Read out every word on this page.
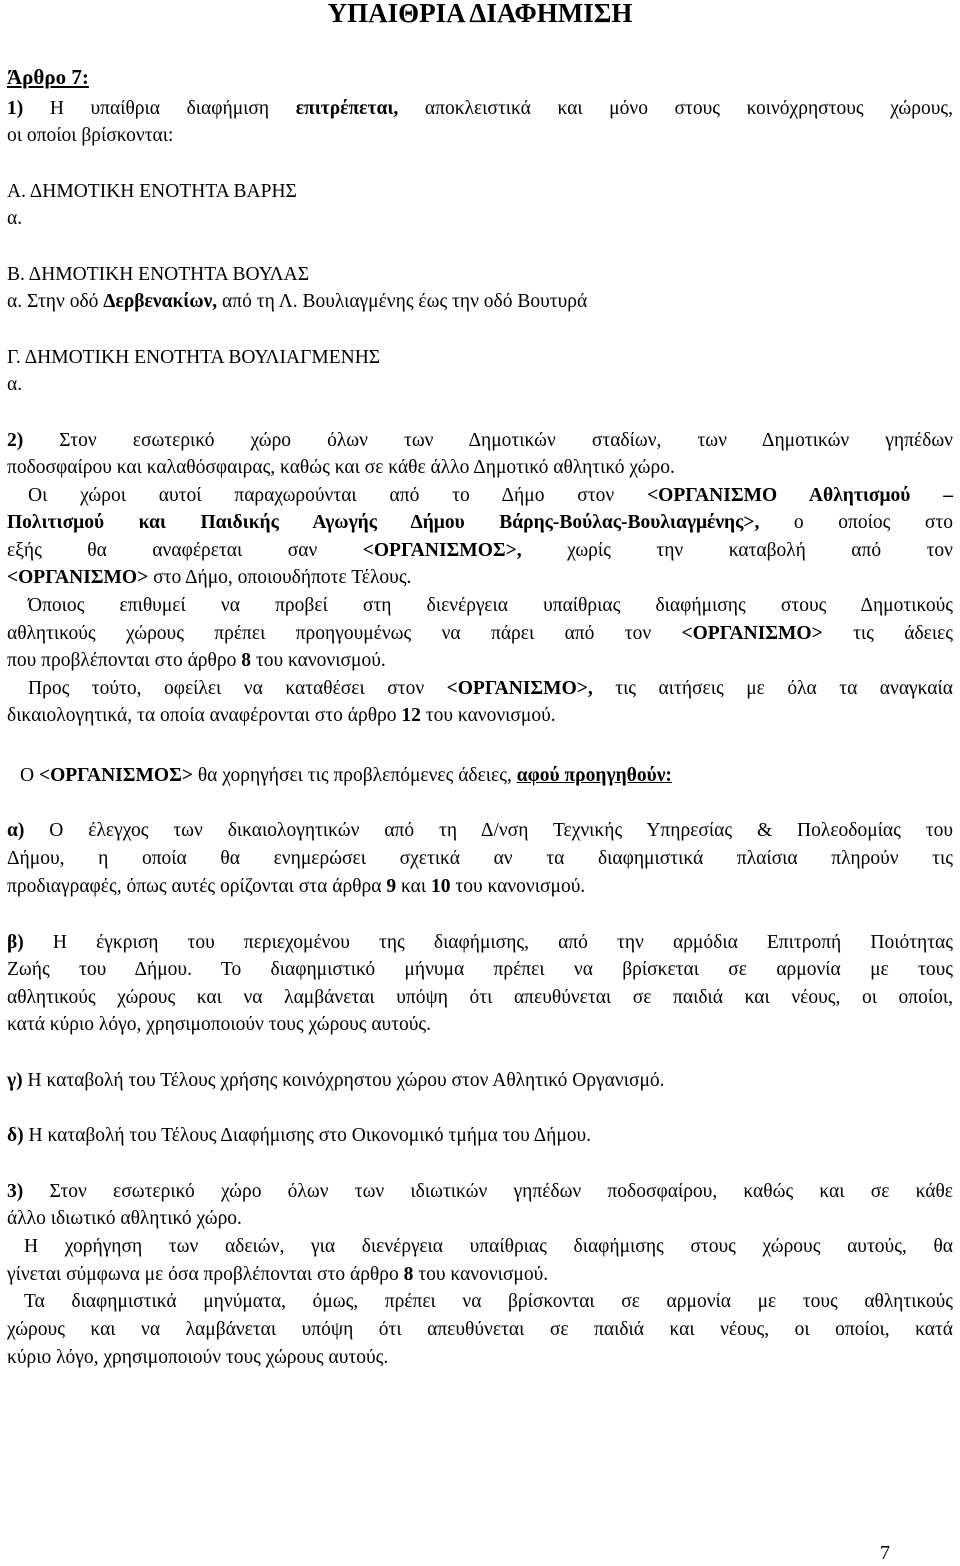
ΥΠΑΙΘΡΙΑ ΔΙΑΦΗΜΙΣΗ
Άρθρο 7:
1) Η υπαίθρια διαφήμιση επιτρέπεται, αποκλειστικά και μόνο στους κοινόχρηστους χώρους,
οι οποίοι βρίσκονται:
Α. ΔΗΜΟΤΙΚΗ ΕΝΟΤΗΤΑ ΒΑΡΗΣ
α.
Β. ΔΗΜΟΤΙΚΗ ΕΝΟΤΗΤΑ ΒΟΥΛΑΣ
α. Στην οδό Δερβενακίων, από τη Λ. Βουλιαγμένης έως την οδό Βουτυρά
Γ. ΔΗΜΟΤΙΚΗ ΕΝΟΤΗΤΑ ΒΟΥΛΙΑΓΜΕΝΗΣ
α.
2) Στον εσωτερικό χώρο όλων των Δημοτικών σταδίων, των Δημοτικών γηπέδων
ποδοσφαίρου και καλαθόσφαιρας, καθώς και σε κάθε άλλο Δημοτικό αθλητικό χώρο.
Οι χώροι αυτοί παραχωρούνται από το Δήμο στον <ΟΡΓΑΝΙΣΜΟ Αθλητισμού –
Πολιτισμού και Παιδικής Αγωγής Δήμου Βάρης-Βούλας-Βουλιαγμένης>, ο οποίος στο
εξής θα αναφέρεται σαν <ΟΡΓΑΝΙΣΜΟΣ>, χωρίς την καταβολή από τον
<ΟΡΓΑΝΙΣΜΟ> στο Δήμο, οποιουδήποτε Τέλους.
Όποιος επιθυμεί να προβεί στη διενέργεια υπαίθριας διαφήμισης στους Δημοτικούς
αθλητικούς χώρους πρέπει προηγουμένως να πάρει από τον <ΟΡΓΑΝΙΣΜΟ> τις άδειες
που προβλέπονται στο άρθρο 8 του κανονισμού.
Προς τούτο, οφείλει να καταθέσει στον <ΟΡΓΑΝΙΣΜΟ>, τις αιτήσεις με όλα τα αναγκαία
δικαιολογητικά, τα οποία αναφέρονται στο άρθρο 12 του κανονισμού.
Ο <ΟΡΓΑΝΙΣΜΟΣ> θα χορηγήσει τις προβλεπόμενες άδειες, αφού προηγηθούν:
α) Ο έλεγχος των δικαιολογητικών από τη Δ/νση Τεχνικής Υπηρεσίας & Πολεοδομίας του
Δήμου, η οποία θα ενημερώσει σχετικά αν τα διαφημιστικά πλαίσια πληρούν τις
προδιαγραφές, όπως αυτές ορίζονται στα άρθρα 9 και 10 του κανονισμού.
β) Η έγκριση του περιεχομένου της διαφήμισης, από την αρμόδια Επιτροπή Ποιότητας
Ζωής του Δήμου. Το διαφημιστικό μήνυμα πρέπει να βρίσκεται σε αρμονία με τους
αθλητικούς χώρους και να λαμβάνεται υπόψη ότι απευθύνεται σε παιδιά και νέους, οι οποίοι,
κατά κύριο λόγο, χρησιμοποιούν τους χώρους αυτούς.
γ) Η καταβολή του Τέλους χρήσης κοινόχρηστου χώρου στον Αθλητικό Οργανισμό.
δ) Η καταβολή του Τέλους Διαφήμισης στο Οικονομικό τμήμα του Δήμου.
3) Στον εσωτερικό χώρο όλων των ιδιωτικών γηπέδων ποδοσφαίρου, καθώς και σε κάθε
άλλο ιδιωτικό αθλητικό χώρο.
Η χορήγηση των αδειών, για διενέργεια υπαίθριας διαφήμισης στους χώρους αυτούς, θα
γίνεται σύμφωνα με όσα προβλέπονται στο άρθρο 8 του κανονισμού.
Τα διαφημιστικά μηνύματα, όμως, πρέπει να βρίσκονται σε αρμονία με τους αθλητικούς
χώρους και να λαμβάνεται υπόψη ότι απευθύνεται σε παιδιά και νέους, οι οποίοι, κατά
κύριο λόγο, χρησιμοποιούν τους χώρους αυτούς.
7
